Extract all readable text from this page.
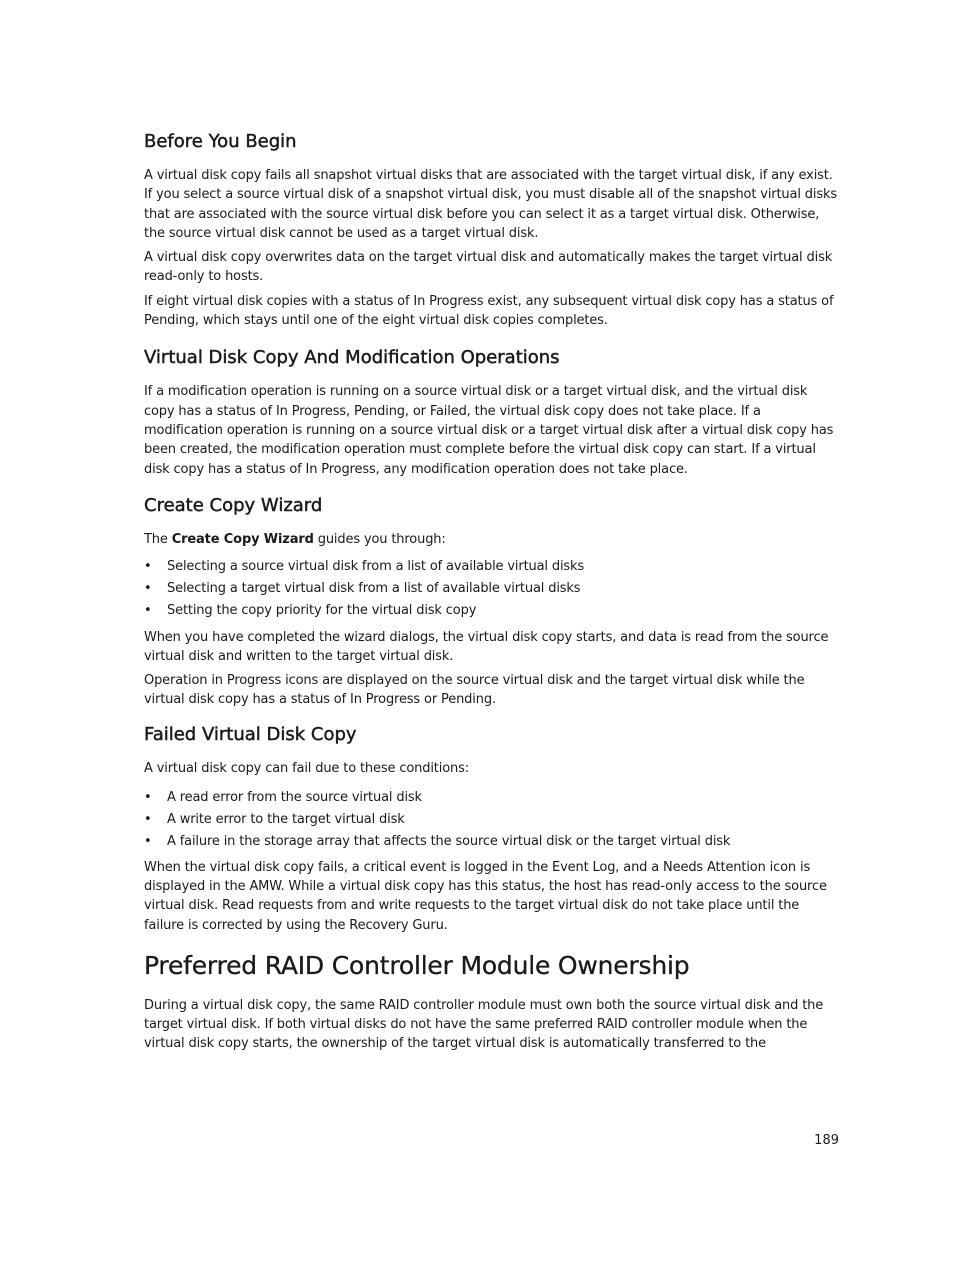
Before You Begin

A virtual disk copy fails all snapshot virtual disks that are associated with the target virtual disk, if any exist. If you select a source virtual disk of a snapshot virtual disk, you must disable all of the snapshot virtual disks that are associated with the source virtual disk before you can select it as a target virtual disk. Otherwise, the source virtual disk cannot be used as a target virtual disk.

A virtual disk copy overwrites data on the target virtual disk and automatically makes the target virtual disk read-only to hosts.

If eight virtual disk copies with a status of In Progress exist, any subsequent virtual disk copy has a status of Pending, which stays until one of the eight virtual disk copies completes.

Virtual Disk Copy And Modification Operations

If a modification operation is running on a source virtual disk or a target virtual disk, and the virtual disk copy has a status of In Progress, Pending, or Failed, the virtual disk copy does not take place. If a modification operation is running on a source virtual disk or a target virtual disk after a virtual disk copy has been created, the modification operation must complete before the virtual disk copy can start. If a virtual disk copy has a status of In Progress, any modification operation does not take place.

Create Copy Wizard

The Create Copy Wizard guides you through:

• Selecting a source virtual disk from a list of available virtual disks
• Selecting a target virtual disk from a list of available virtual disks
• Setting the copy priority for the virtual disk copy

When you have completed the wizard dialogs, the virtual disk copy starts, and data is read from the source virtual disk and written to the target virtual disk.

Operation in Progress icons are displayed on the source virtual disk and the target virtual disk while the virtual disk copy has a status of In Progress or Pending.

Failed Virtual Disk Copy

A virtual disk copy can fail due to these conditions:

• A read error from the source virtual disk
• A write error to the target virtual disk
• A failure in the storage array that affects the source virtual disk or the target virtual disk

When the virtual disk copy fails, a critical event is logged in the Event Log, and a Needs Attention icon is displayed in the AMW. While a virtual disk copy has this status, the host has read-only access to the source virtual disk. Read requests from and write requests to the target virtual disk do not take place until the failure is corrected by using the Recovery Guru.

Preferred RAID Controller Module Ownership

During a virtual disk copy, the same RAID controller module must own both the source virtual disk and the target virtual disk. If both virtual disks do not have the same preferred RAID controller module when the virtual disk copy starts, the ownership of the target virtual disk is automatically transferred to the

189
